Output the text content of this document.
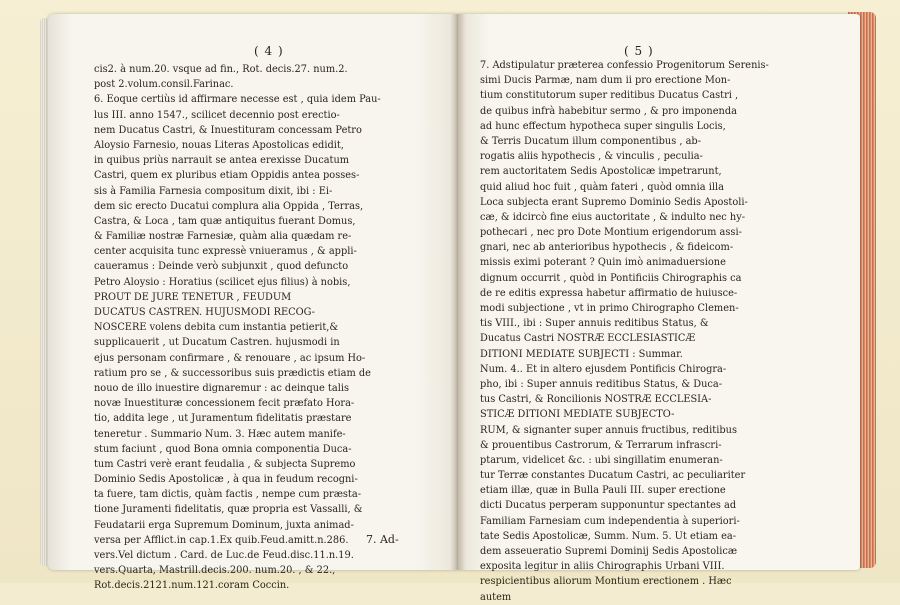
( 4 )
cis2. à num.20. vsque ad fin., Rot. decis.27. num.2.
post 2.volum.consil.Farinac.
6. Eoque certiùs id affirmare necesse est , quia idem Pau-
lus III. anno 1547., scilicet decennio post erectio-
nem Ducatus Castri, & Inuestituram concessam Petro
Aloysio Farnesio, nouas Literas Apostolicas edidit,
in quibus priùs narrauit se antea erexisse Ducatum
Castri, quem ex pluribus etiam Oppidis antea posses-
sis à Familia Farnesia compositum dixit, ibi : Ei-
dem sic erecto Ducatui complura alia Oppida , Terras,
Castra, & Loca , tam quæ antiquitus fuerant Domus,
& Familiæ nostræ Farnesiæ, quàm alia quædam re-
center acquisita tunc expressè vniueramus , & appli-
caueramus : Deinde verò subjunxit , quod defuncto
Petro Aloysio : Horatius (scilicet ejus filius) à nobis,
PROUT DE JURE TENETUR , FEUDUM
DUCATUS CASTREN. HUJUSMODI RECOG-
NOSCERE volens debita cum instantia petierit,&
supplicauerit , ut Ducatum Castren. hujusmodi in
ejus personam confirmare , & renouare , ac ipsum Ho-
ratium pro se , & successoribus suis prædictis etiam de
nouo de illo inuestire dignaremur : ac deinque talis
novæ Inuestituræ concessionem fecit præfato Hora-
tio, addita lege , ut Juramentum fidelitatis præstare
teneretur . Summario Num. 3. Hæc autem manife-
stum faciunt , quod Bona omnia componentia Duca-
tum Castri verè erant feudalia , & subjecta Supremo
Dominio Sedis Apostolicæ , à qua in feudum recogni-
ta fuere, tam dictis, quàm factis , nempe cum præsta-
tione Juramenti fidelitatis, quæ propria est Vassalli, &
Feudatarii erga Supremum Dominum, juxta animad-
versa per Afflict.in cap.1.Ex quib.Feud.amitt.n.286.
vers.Vel dictum . Card. de Luc.de Feud.disc.11.n.19.
vers.Quarta, Mastrill.decis.200. num.20. , & 22.,
Rot.decis.2121.num.121.coram Coccin.
7. Ad-
( 5 )
7. Adstipulatur præterea confessio Progenitorum Serenis-
simi Ducis Parmæ, nam dum ii pro erectione Mon-
tium constitutorum super reditibus Ducatus Castri ,
de quibus infrà habebitur sermo , & pro imponenda
ad hunc effectum hypotheca super singulis Locis,
& Terris Ducatum illum componentibus , ab-
rogatis aliis hypothecis , & vinculis , peculia-
rem auctoritatem Sedis Apostolicæ impetrarunt,
quid aliud hoc fuit , quàm fateri , quòd omnia illa
Loca subjecta erant Supremo Dominio Sedis Apostoli-
cæ, & idcircò fine eius auctoritate , & indulto nec hy-
pothecari , nec pro Dote Montium erigendorum assi-
gnari, nec ab anterioribus hypothecis , & fideicom-
missis eximi poterant ? Quin imò animaduersione
dignum occurrit , quòd in Pontificiis Chirographis ca
de re editis expressa habetur affirmatio de huiusce-
modi subjectione , vt in primo Chirographo Clemen-
tis VIII., ibi : Super annuis reditibus Status, &
Ducatus Castri NOSTRÆ ECCLESIASTICÆ
DITIONI MEDIATE SUBJECTI : Summar.
Num. 4.. Et in altero ejusdem Pontificis Chirogra-
pho, ibi : Super annuis reditibus Status, & Duca-
tus Castri, & Roncilionis NOSTRÆ ECCLESIA-
STICÆ DITIONI MEDIATE SUBJECTO-
RUM, & signanter super annuis fructibus, reditibus
& prouentibus Castrorum, & Terrarum infrascri-
ptarum, videlicet &c. : ubi singillatim enumeran-
tur Terræ constantes Ducatum Castri, ac peculiariter
etiam illæ, quæ in Bulla Pauli III. super erectione
dicti Ducatus perperam supponuntur spectantes ad
Familiam Farnesiam cum independentia à superiori-
tate Sedis Apostolicæ, Summ. Num. 5. Ut etiam ea-
dem asseueratio Supremi Dominij Sedis Apostolicæ
exposita legitur in aliis Chirographis Urbani VIII.
respicientibus aliorum Montium erectionem . Hæc
autem
